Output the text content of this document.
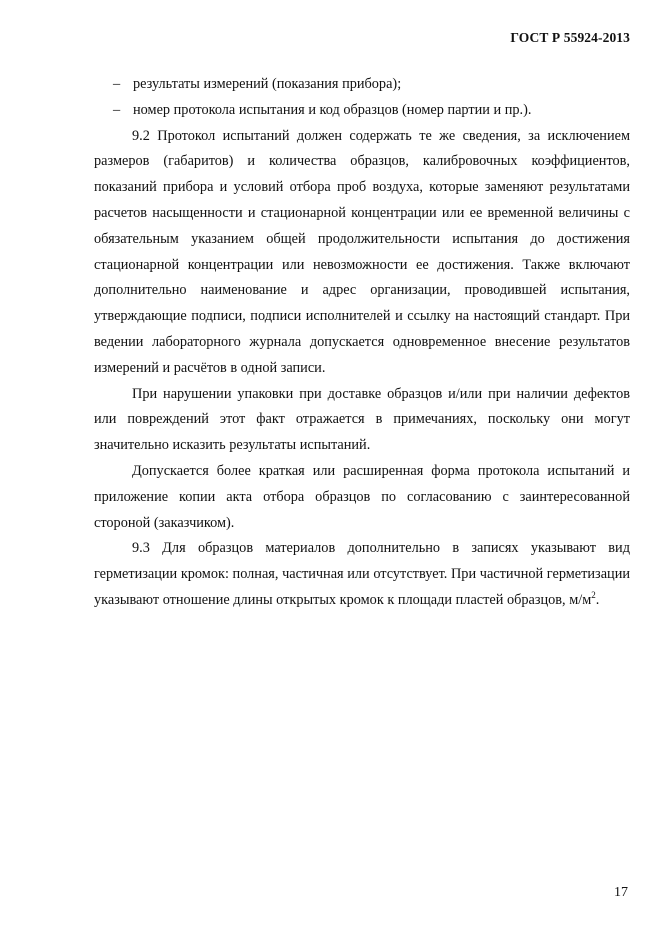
ГОСТ Р 55924-2013
– результаты измерений (показания прибора);
– номер протокола испытания и код образцов (номер партии и пр.).

9.2 Протокол испытаний должен содержать те же сведения, за исключением размеров (габаритов) и количества образцов, калибровочных коэффициентов, показаний прибора и условий отбора проб воздуха, которые заменяют результатами расчетов насыщенности и стационарной концентрации или ее временной величины с обязательным указанием общей продолжительности испытания до достижения стационарной концентрации или невозможности ее достижения. Также включают дополнительно наименование и адрес организации, проводившей испытания, утверждающие подписи, подписи исполнителей и ссылку на настоящий стандарт. При ведении лабораторного журнала допускается одновременное внесение результатов измерений и расчётов в одной записи.

При нарушении упаковки при доставке образцов и/или при наличии дефектов или повреждений этот факт отражается в примечаниях, поскольку они могут значительно исказить результаты испытаний.

Допускается более краткая или расширенная форма протокола испытаний и приложение копии акта отбора образцов по согласованию с заинтересованной стороной (заказчиком).

9.3 Для образцов материалов дополнительно в записях указывают вид герметизации кромок: полная, частичная или отсутствует. При частичной герметизации указывают отношение длины открытых кромок к площади пластей образцов, $м/м^2$.

17
